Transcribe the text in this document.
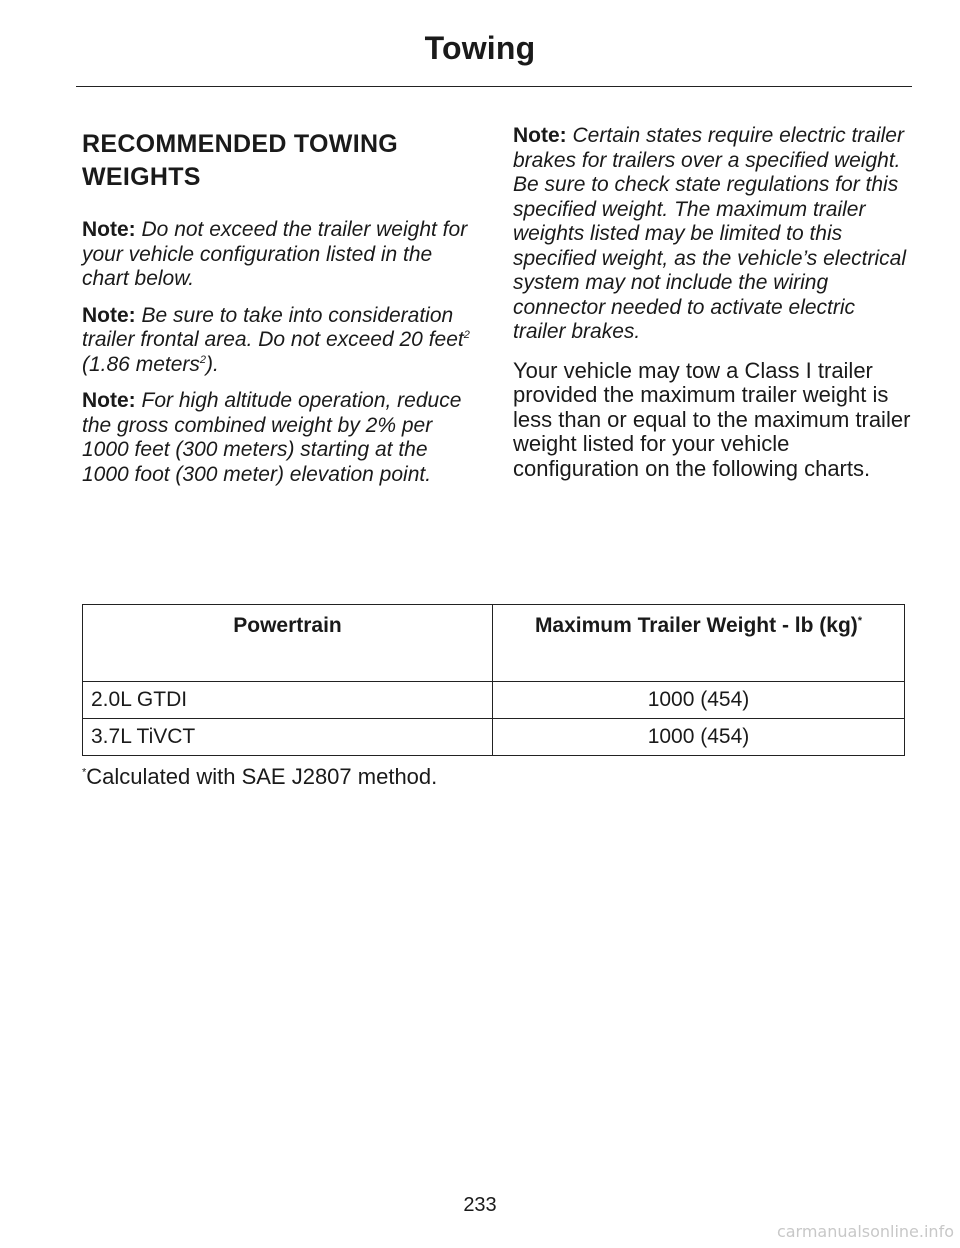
Towing
RECOMMENDED TOWING
WEIGHTS

Note: Do not exceed the trailer weight for your vehicle configuration listed in the chart below.

Note: Be sure to take into consideration trailer frontal area. Do not exceed 20 feet$^2$ (1.86 meters$^2$).

Note: For high altitude operation, reduce the gross combined weight by 2% per 1000 feet (300 meters) starting at the 1000 foot (300 meter) elevation point.

Note: Certain states require electric trailer brakes for trailers over a specified weight. Be sure to check state regulations for this specified weight. The maximum trailer weights listed may be limited to this specified weight, as the vehicle’s electrical system may not include the wiring connector needed to activate electric trailer brakes.

Your vehicle may tow a Class I trailer provided the maximum trailer weight is less than or equal to the maximum trailer weight listed for your vehicle configuration on the following charts.

Powertrain	Maximum Trailer Weight - lb (kg)*
2.0L GTDI	1000 (454)
3.7L TiVCT	1000 (454)
*Calculated with SAE J2807 method.
233
carmanualsonline.info
